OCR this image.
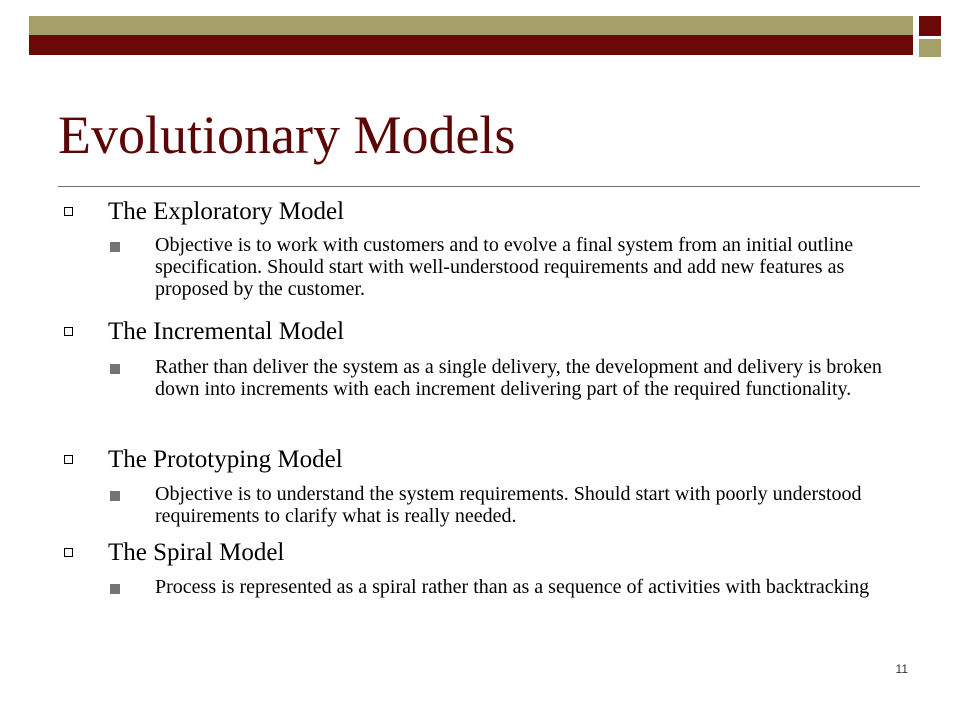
Evolutionary Models
The Exploratory Model
Objective is to work with customers and to evolve a final system from an initial outline specification. Should start with well-understood requirements and add new features as proposed by the customer.
The Incremental Model
Rather than deliver the system as a single delivery, the development and delivery is broken down into increments with each increment delivering part of the required functionality.
The Prototyping Model
Objective is to understand the system requirements. Should start with poorly understood requirements to clarify what is really needed.
The Spiral Model
Process is represented as a spiral rather than as a sequence of activities with backtracking
11
